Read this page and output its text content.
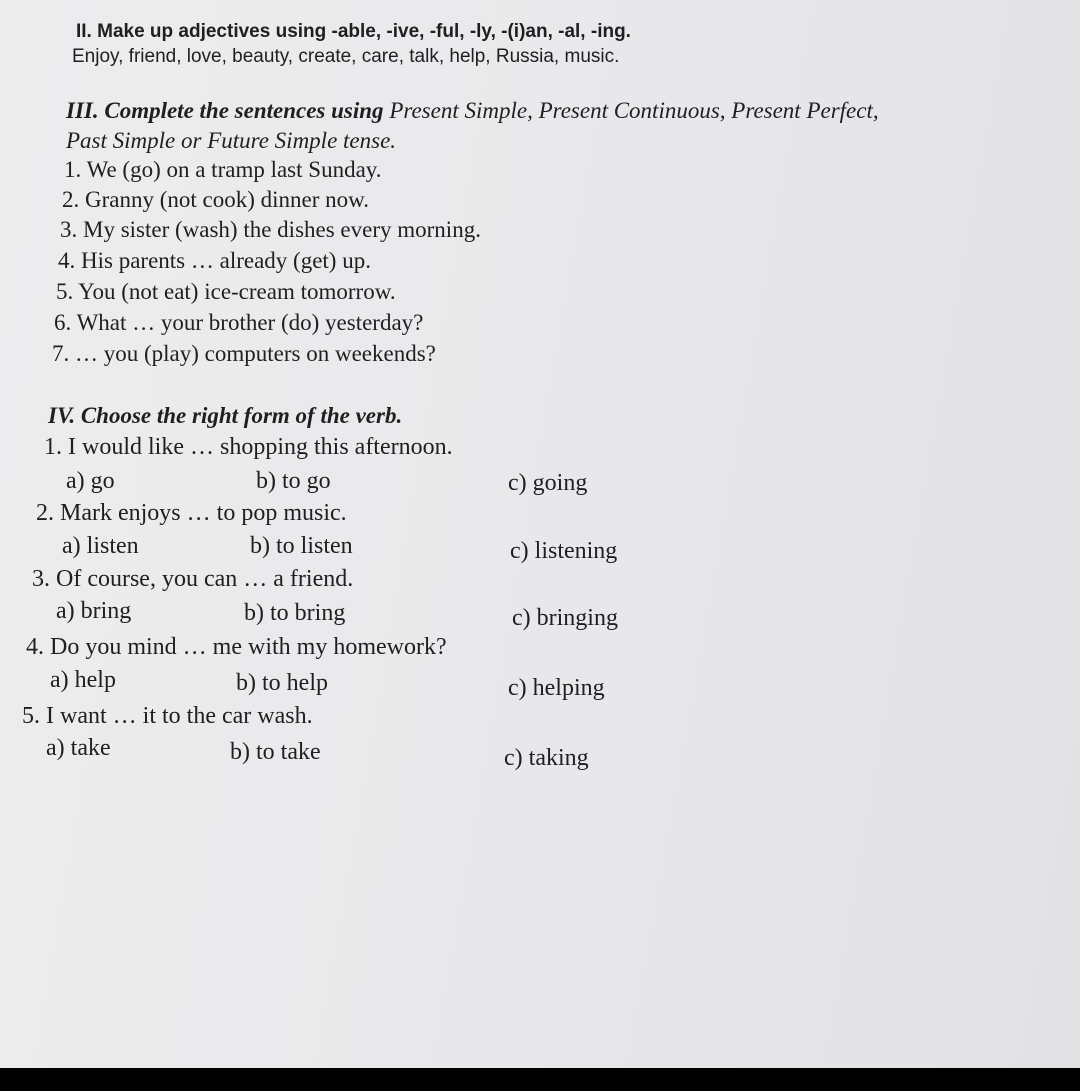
II. Make up adjectives using -able, -ive, -ful, -ly, -(i)an, -al, -ing.
Enjoy, friend, love, beauty, create, care, talk, help, Russia, music.
III. Complete the sentences using Present Simple, Present Continuous, Present Perfect,
Past Simple or Future Simple tense.
1. We (go) on a tramp last Sunday.
2. Granny (not cook) dinner now.
3. My sister (wash) the dishes every morning.
4. His parents … already (get) up.
5. You (not eat) ice-cream tomorrow.
6. What … your brother (do) yesterday?
7. … you (play) computers on weekends?
IV. Choose the right form of the verb.
1. I would like … shopping this afternoon.
a) go	b) to go	c) going
2. Mark enjoys … to pop music.
a) listen	b) to listen	c) listening
3. Of course, you can … a friend.
a) bring	b) to bring	c) bringing
4. Do you mind … me with my homework?
a) help	b) to help	c) helping
5. I want … it to the car wash.
a) take	b) to take	c) taking
